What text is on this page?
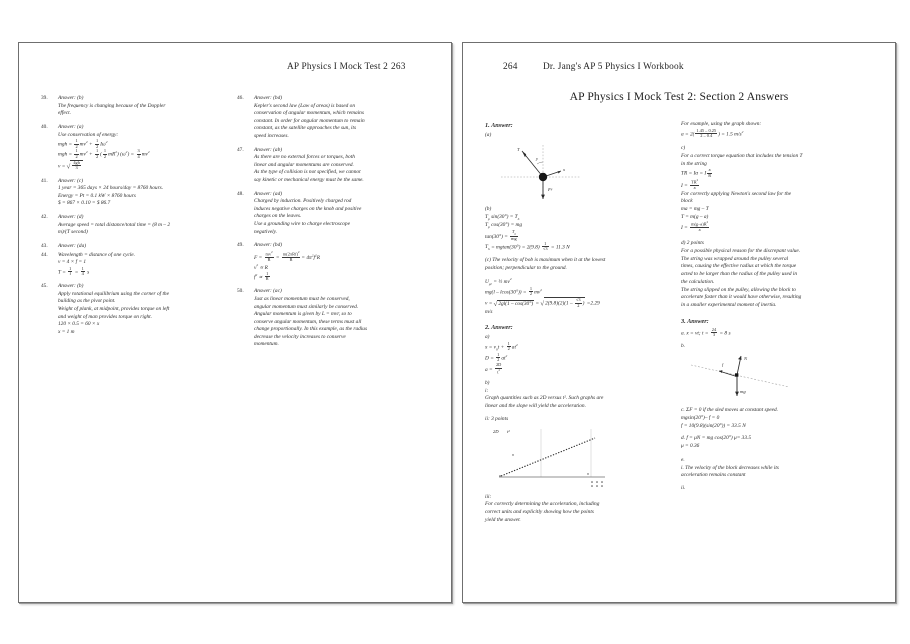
AP Physics I Mock Test 2 263
39.	Answer: (b)
The frequency is changing because of the Doppler
effect.
40.	Answer: (a)
Use conservation of energy:
mgh = $\frac{1}{2} mv^2 + \frac{1}{2} I\omega^2$
mgh = $\frac{1}{2} mv^2 + \frac{1}{2}$ ( $\frac{1}{2} mR^2$) $(\omega^2) = \frac{3}{4} mv^2$
v = √ $\frac{4gh}{3}$
41.	Answer: (c)
1 year = 365 days × 24 hours/day = 8760 hours.
Energy = Pt = 0.1 kW × 8760 hours
$ = 867 × 0.10 = $ 86.7
42.	Answer: (d)
Average speed = total distance/total time = (8 m – 2
m)/(T second)
43.	Answer: (da)
44.	Wavelength = distance of one cycle.
v = 4 × f = 1
$T = \frac{1}{f} = \frac{1}{4}$ s
45.	Answer: (b)
Apply rotational equilibrium using the corner of the
building as the pivot point.
Weight of plank, at midpoint, provides torque on left
and weight of man provides torque on right.
120 × 0.5 = 60 × x
x = 1 m
46.	Answer: (bd)
Kepler's second law (Law of areas) is based on
conservation of angular momentum, which remains
constant. In order for angular momentum to remain
constant, as the satellite approaches the sun, its
speed increases.
47.	Answer: (ab)
As there are no external forces or torques, both
linear and angular momentums are conserved.
As the type of collision is not specified, we cannot
say kinetic or mechanical energy must be the same.
48.	Answer: (ad)
Charged by induction. Positively charged rod
induces negative charges on the knob and positive
charges on the leaves.
Use a grounding wire to charge electroscope
negatively.
49.	Answer: (bd)
$F = \frac{mv^2}{R} = \frac{m(2\pi Rf)^2}{R} = 4\pi^2f^2R$
$v^2 \propto R$
$f^2 \propto \frac{1}{R}$
50.	Answer: (ac)
Just as linear momentum must be conserved,
angular momentum must similarly be conserved.
Angular momentum is given by L = mvr, so to
conserve angular momentum, these terms must all
change proportionally. In this example, as the radius
decrease the velocity increases to conserve
momentum.
264	Dr. Jang's AP 5 Physics I Workbook
AP Physics I Mock Test 2: Section 2 Answers
1. Answer:
(a)
T
y
x
Fᵍ
(b)
$T_p$ $\sin(30^\circ) = T_h$
$T_p$ cos(30°) = mg
$\tan(30^\circ) = \frac{T_h}{mg}$
$T_h = mgtan(30^\circ) = 2(9.8) \frac{1}{√3} = 11.3$ N
(c) The velocity of bob is maximum when it at the lowest
position; perpendicular to the ground.
$U_{gr}$ = ½ $mv^2$
$mg(l - lcos(30^\circ)) = \frac{1}{2} mv^2$
$v = √2gl(1 - \cos(30^\circ) = √2(9.8)(2)(1 - \frac{√3}{2}$ ) =2.29
m/s
2. Answer:
a)
$x = v_0t + \frac{1}{2} at^2$
$D = \frac{1}{2} at^2$
$a = \frac{2D}{t^2}$
b)
i:
Graph quantities such as 2D versus t². Such graphs are
linear and the slope will yield the acceleration.
ii: 3 points
2D t²
iii:
For correctly determining the acceleration, including
correct units and explicitly showing how the points
yield the answer.
For example, using the graph shown:
$a = 2( \frac{1.45 - 0.25}{2 - 0.4}$ ) = 1.5 $m/s^2$
c)
For a correct torque equation that includes the tension T
in the string
TR = Iα = I $\frac{a}{R}$
$I = \frac{TR^2}{a}$
For correctly applying Newton's second law for the
block
ma = mg – T
T = m(g – a)
$I = \frac{m(g-a)R^2}{a}$
d) 2 points
For a possible physical reason for the discrepant value.
The string was wrapped around the pulley several
times, causing the effective radius at which the torque
acted to be larger than the radius of the pulley used in
the calculation.
The string slipped on the pulley, allowing the block to
accelerate faster than it would have otherwise, resulting
in a smaller experimental moment of inertia.
3. Answer:
a. x = vt; $t = \frac{24}{3} = 8$ s
b.
N
f
mg
c. ΣF = 0 if the sled moves at constant speed.
mgsin(20°)– f = 0
f = 10(9.8)(sin(20°)) = 33.5 N
d. f = μN = mg cos(20°) μ= 33.5
μ = 0.36
e.
i. The velocity of the block decreases while its
acceleration remains constant
ii.
